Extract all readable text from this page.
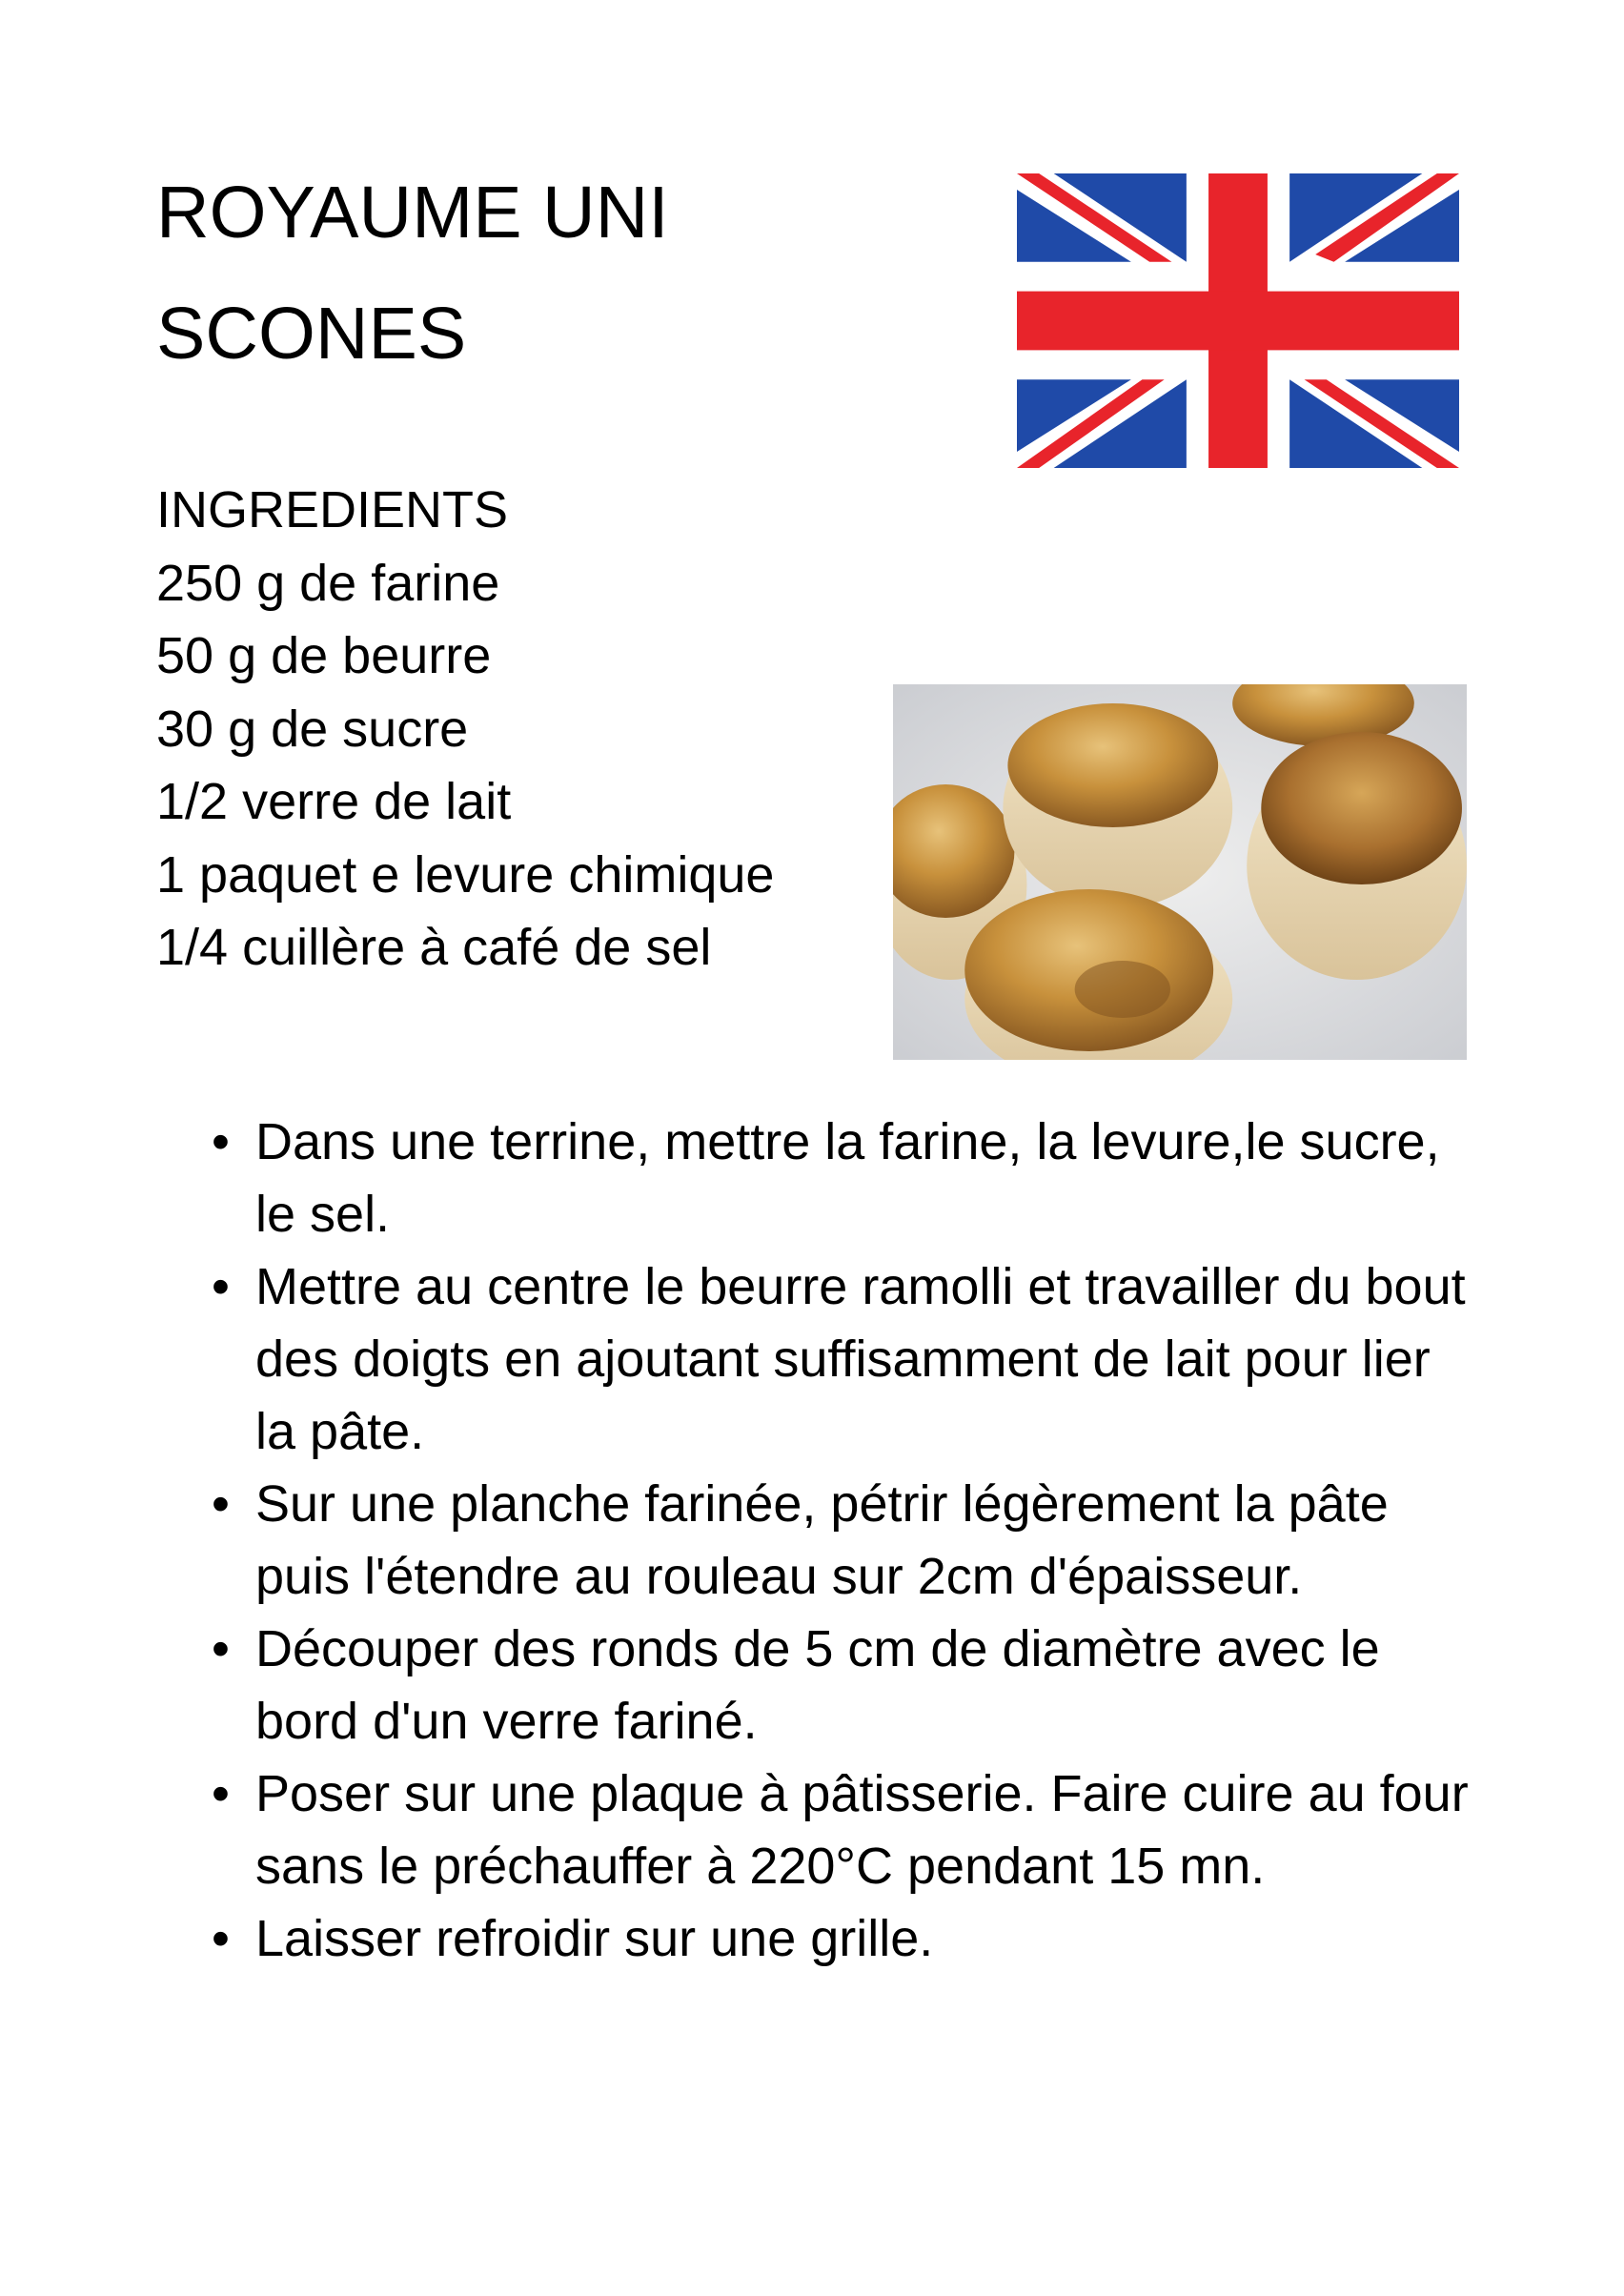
ROYAUME UNI
SCONES
INGREDIENTS
250 g de farine
50 g de beurre
30 g de sucre
1/2 verre de lait
1 paquet e levure chimique
1/4 cuillère à café de sel
• Dans une terrine, mettre la farine, la levure,le sucre, le sel.
• Mettre au centre le beurre ramolli et travailler du bout des doigts en ajoutant suffisamment de lait pour lier la pâte.
• Sur une planche farinée, pétrir légèrement la pâte puis l'étendre au rouleau sur 2cm d'épaisseur.
• Découper des ronds de 5 cm de diamètre avec le bord d'un verre fariné.
• Poser sur une plaque à pâtisserie. Faire cuire au four sans le préchauffer à 220°C pendant 15 mn.
• Laisser refroidir sur une grille.
